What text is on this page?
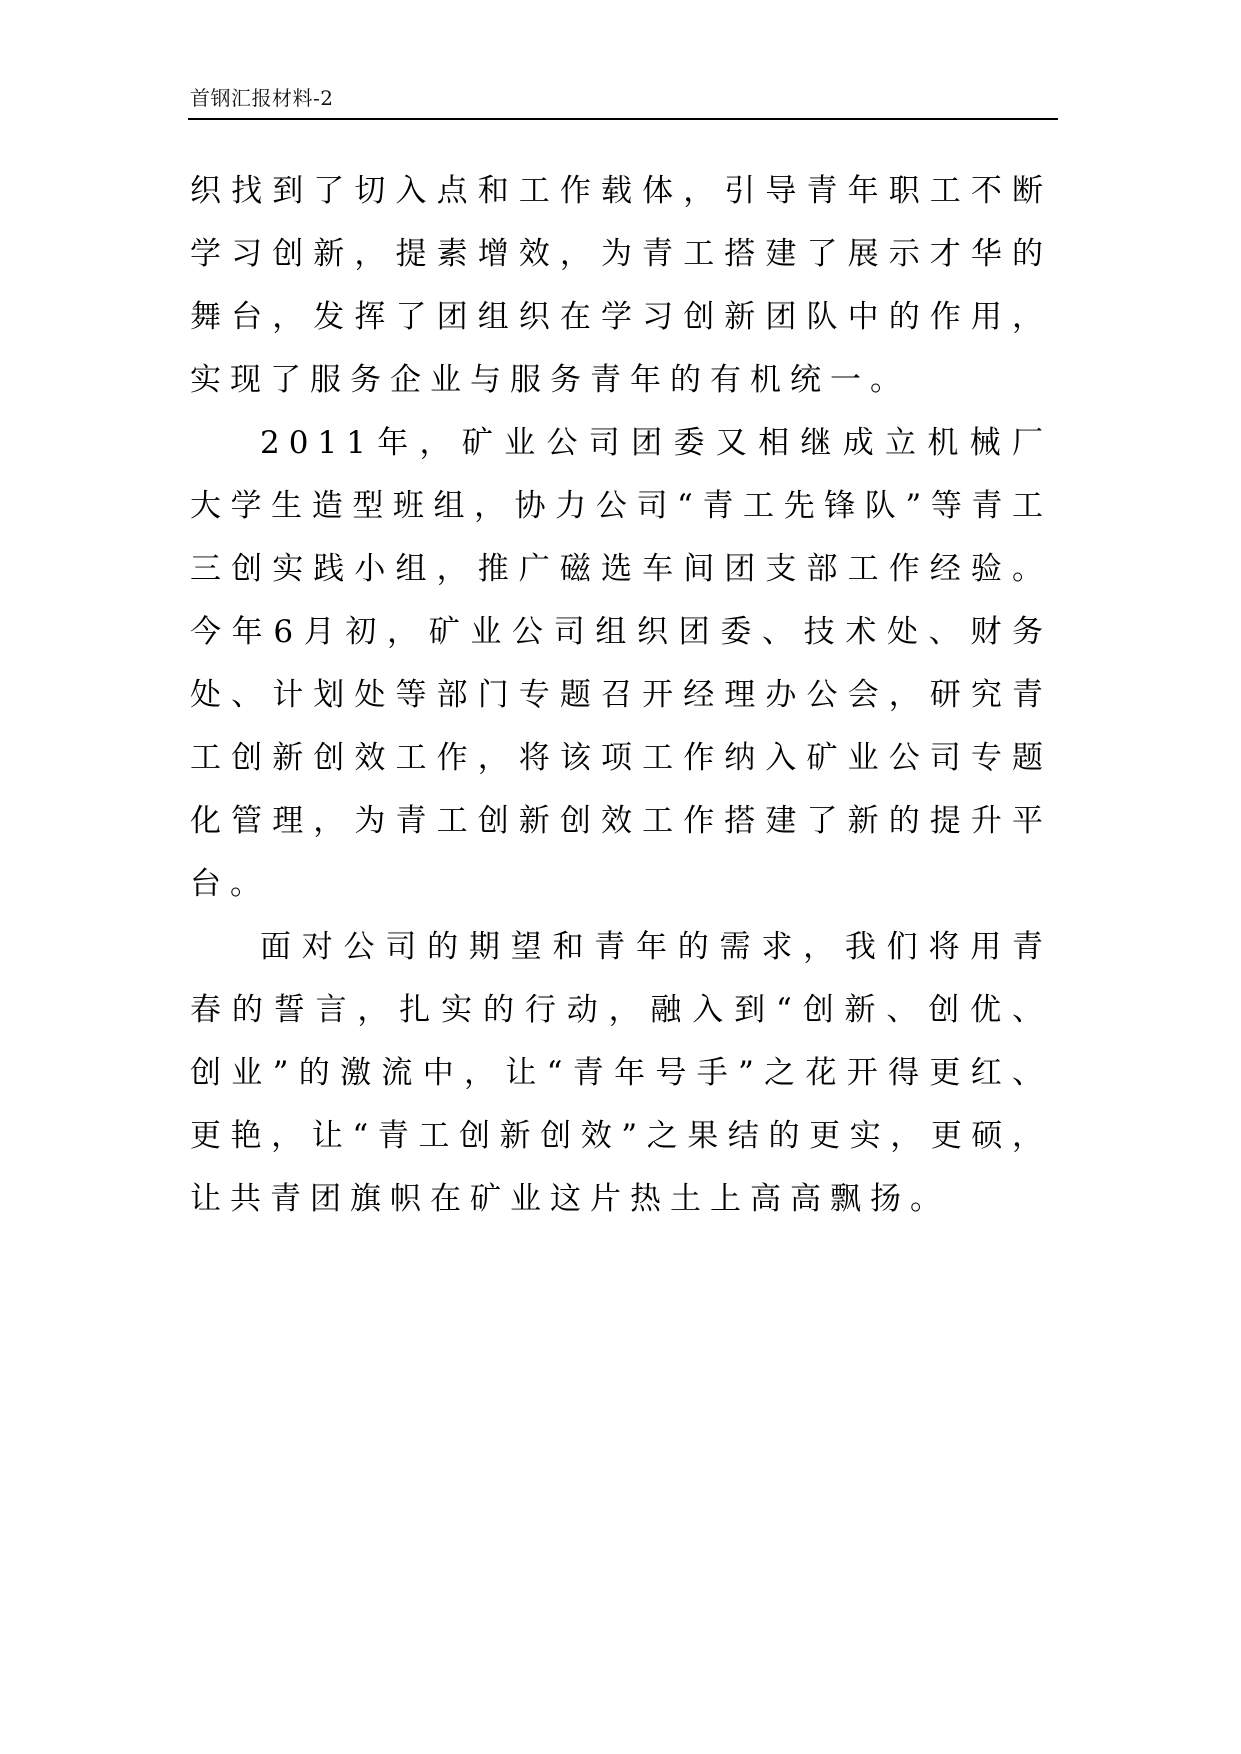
首钢汇报材料-2

织找到了切入点和工作载体，引导青年职工不断学习创新，提素增效，为青工搭建了展示才华的舞台，发挥了团组织在学习创新团队中的作用，实现了服务企业与服务青年的有机统一。

2011年，矿业公司团委又相继成立机械厂大学生造型班组，协力公司“青工先锋队”等青工三创实践小组，推广磁选车间团支部工作经验。今年6月初，矿业公司组织团委、技术处、财务处、计划处等部门专题召开经理办公会，研究青工创新创效工作，将该项工作纳入矿业公司专题化管理，为青工创新创效工作搭建了新的提升平台。

面对公司的期望和青年的需求，我们将用青春的誓言，扎实的行动，融入到“创新、创优、创业”的激流中，让“青年号手”之花开得更红、更艳，让“青工创新创效”之果结的更实，更硕，让共青团旗帜在矿业这片热土上高高飘扬。
